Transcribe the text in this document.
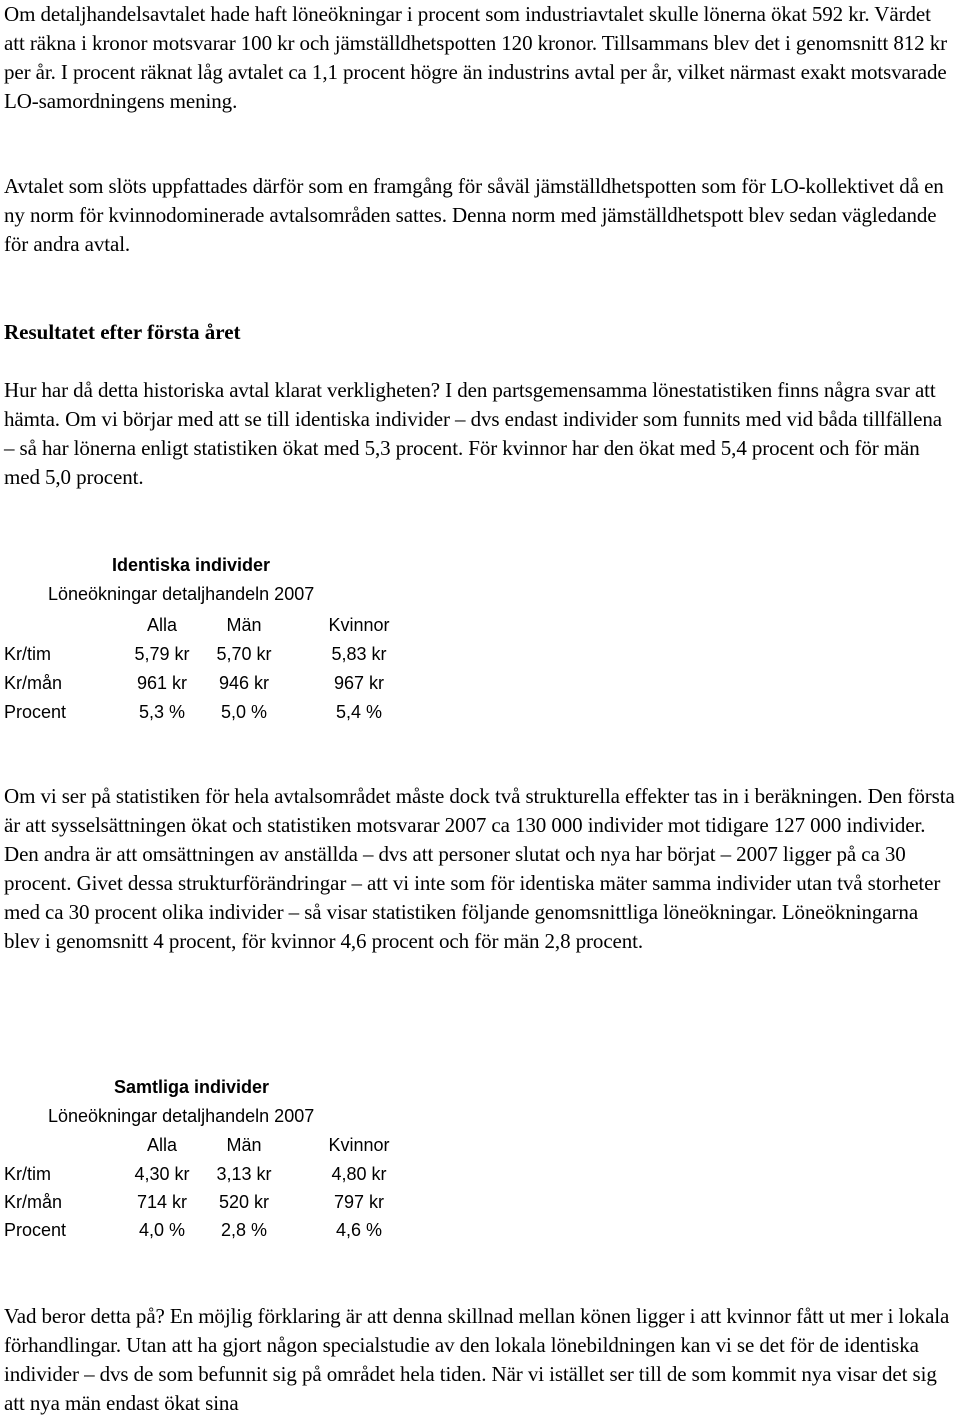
Om detaljhandelsavtalet hade haft löneökningar i procent som industriavtalet skulle lönerna ökat 592 kr. Värdet att räkna i kronor motsvarar 100 kr och jämställdhetspotten 120 kronor. Tillsammans blev det i genomsnitt 812 kr per år. I procent räknat låg avtalet ca 1,1 procent högre än industrins avtal per år, vilket närmast exakt motsvarade LO-samordningens mening.

Avtalet som slöts uppfattades därför som en framgång för såväl jämställdhetspotten som för LO-kollektivet då en ny norm för kvinnodominerade avtalsområden sattes. Denna norm med jämställdhetspott blev sedan vägledande för andra avtal.

Resultatet efter första året

Hur har då detta historiska avtal klarat verkligheten? I den partsgemensamma lönestatistiken finns några svar att hämta. Om vi börjar med att se till identiska individer – dvs endast individer som funnits med vid båda tillfällena – så har lönerna enligt statistiken ökat med 5,3 procent. För kvinnor har den ökat med 5,4 procent och för män med 5,0 procent.

Identiska individer
Löneökningar detaljhandeln 2007
Alla	Män	Kvinnor
Kr/tim	5,79 kr	5,70 kr	5,83 kr
Kr/mån	961 kr	946 kr	967 kr
Procent	5,3 %	5,0 %	5,4 %

Om vi ser på statistiken för hela avtalsområdet måste dock två strukturella effekter tas in i beräkningen. Den första är att sysselsättningen ökat och statistiken motsvarar 2007 ca 130 000 individer mot tidigare 127 000 individer. Den andra är att omsättningen av anställda – dvs att personer slutat och nya har börjat – 2007 ligger på ca 30 procent. Givet dessa strukturförändringar – att vi inte som för identiska mäter samma individer utan två storheter med ca 30 procent olika individer – så visar statistiken följande genomsnittliga löneökningar. Löneökningarna blev i genomsnitt 4 procent, för kvinnor 4,6 procent och för män 2,8 procent.

Samtliga individer
Löneökningar detaljhandeln 2007
Alla	Män	Kvinnor
Kr/tim	4,30 kr	3,13 kr	4,80 kr
Kr/mån	714 kr	520 kr	797 kr
Procent	4,0 %	2,8 %	4,6 %

Vad beror detta på? En möjlig förklaring är att denna skillnad mellan könen ligger i att kvinnor fått ut mer i lokala förhandlingar. Utan att ha gjort någon specialstudie av den lokala lönebildningen kan vi se det för de identiska individer – dvs de som befunnit sig på området hela tiden. När vi istället ser till de som kommit nya visar det sig att nya män endast ökat sina
